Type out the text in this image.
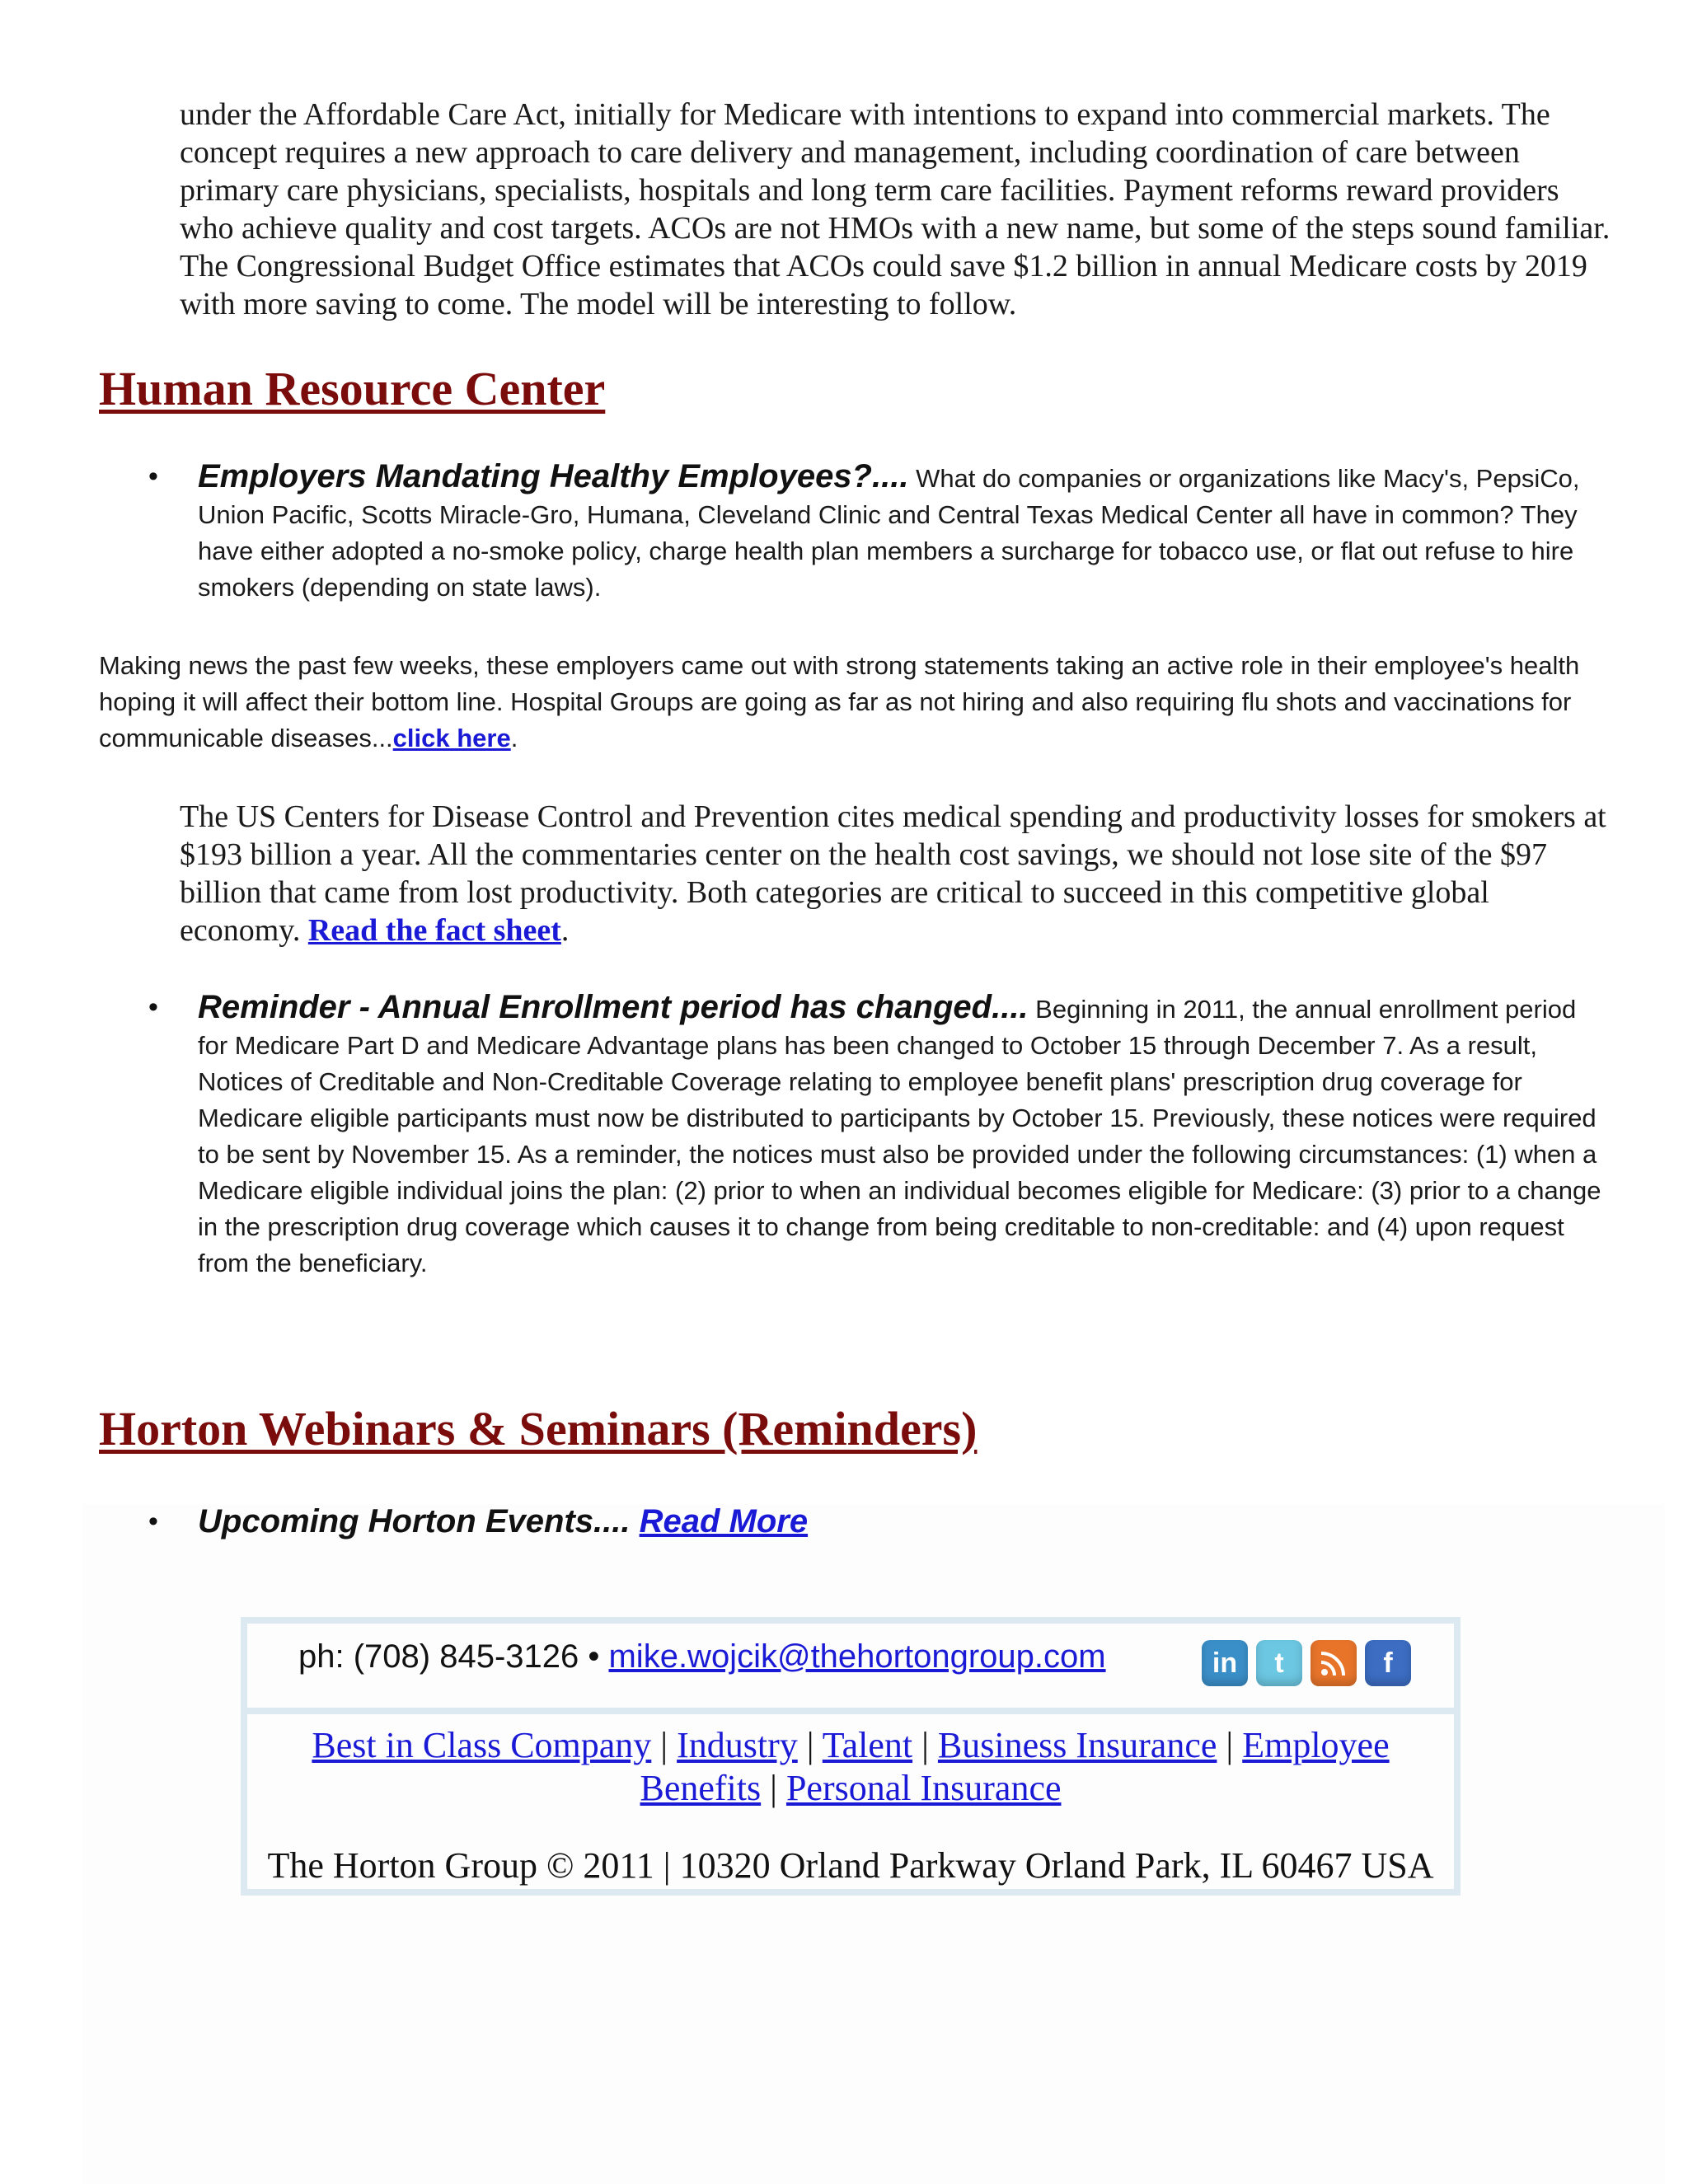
under the Affordable Care Act, initially for Medicare with intentions to expand into commercial markets. The concept requires a new approach to care delivery and management, including coordination of care between primary care physicians, specialists, hospitals and long term care facilities. Payment reforms reward providers who achieve quality and cost targets. ACOs are not HMOs with a new name, but some of the steps sound familiar. The Congressional Budget Office estimates that ACOs could save $1.2 billion in annual Medicare costs by 2019 with more saving to come. The model will be interesting to follow.

Human Resource Center
• Employers Mandating Healthy Employees?.... What do companies or organizations like Macy's, PepsiCo, Union Pacific, Scotts Miracle-Gro, Humana, Cleveland Clinic and Central Texas Medical Center all have in common? They have either adopted a no-smoke policy, charge health plan members a surcharge for tobacco use, or flat out refuse to hire smokers (depending on state laws).
Making news the past few weeks, these employers came out with strong statements taking an active role in their employee's health hoping it will affect their bottom line. Hospital Groups are going as far as not hiring and also requiring flu shots and vaccinations for communicable diseases...click here.
The US Centers for Disease Control and Prevention cites medical spending and productivity losses for smokers at $193 billion a year. All the commentaries center on the health cost savings, we should not lose site of the $97 billion that came from lost productivity. Both categories are critical to succeed in this competitive global economy. Read the fact sheet.
• Reminder - Annual Enrollment period has changed.... Beginning in 2011, the annual enrollment period for Medicare Part D and Medicare Advantage plans has been changed to October 15 through December 7. As a result, Notices of Creditable and Non-Creditable Coverage relating to employee benefit plans' prescription drug coverage for Medicare eligible participants must now be distributed to participants by October 15. Previously, these notices were required to be sent by November 15. As a reminder, the notices must also be provided under the following circumstances: (1) when a Medicare eligible individual joins the plan: (2) prior to when an individual becomes eligible for Medicare: (3) prior to a change in the prescription drug coverage which causes it to change from being creditable to non-creditable: and (4) upon request from the beneficiary.
Horton Webinars & Seminars (Reminders)
• Upcoming Horton Events.... Read More
ph: (708) 845-3126 • mike.wojcik@thehortongroup.com	in	t	f
Best in Class Company | Industry | Talent | Business Insurance | Employee Benefits | Personal Insurance
The Horton Group © 2011 | 10320 Orland Parkway Orland Park, IL 60467 USA
